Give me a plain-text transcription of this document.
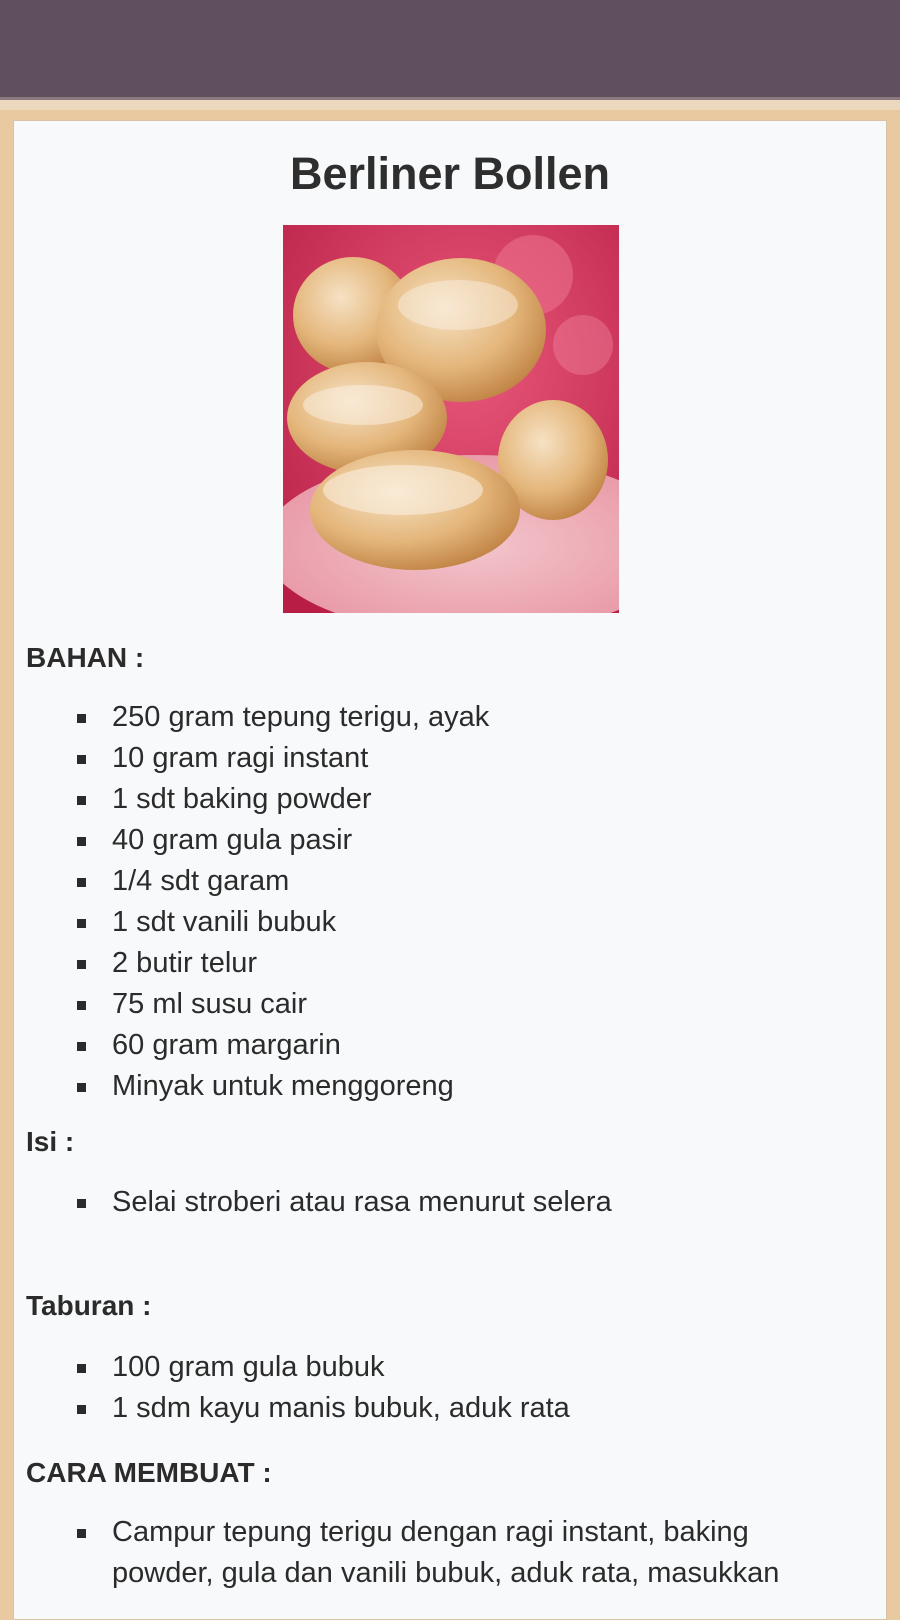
Berliner Bollen
BAHAN :
250 gram tepung terigu, ayak
10 gram ragi instant
1 sdt baking powder
40 gram gula pasir
1/4 sdt garam
1 sdt vanili bubuk
2 butir telur
75 ml susu cair
60 gram margarin
Minyak untuk menggoreng
Isi :
Selai stroberi atau rasa menurut selera
Taburan :
100 gram gula bubuk
1 sdm kayu manis bubuk, aduk rata
CARA MEMBUAT :
Campur tepung terigu dengan ragi instant, baking
powder, gula dan vanili bubuk, aduk rata, masukkan
